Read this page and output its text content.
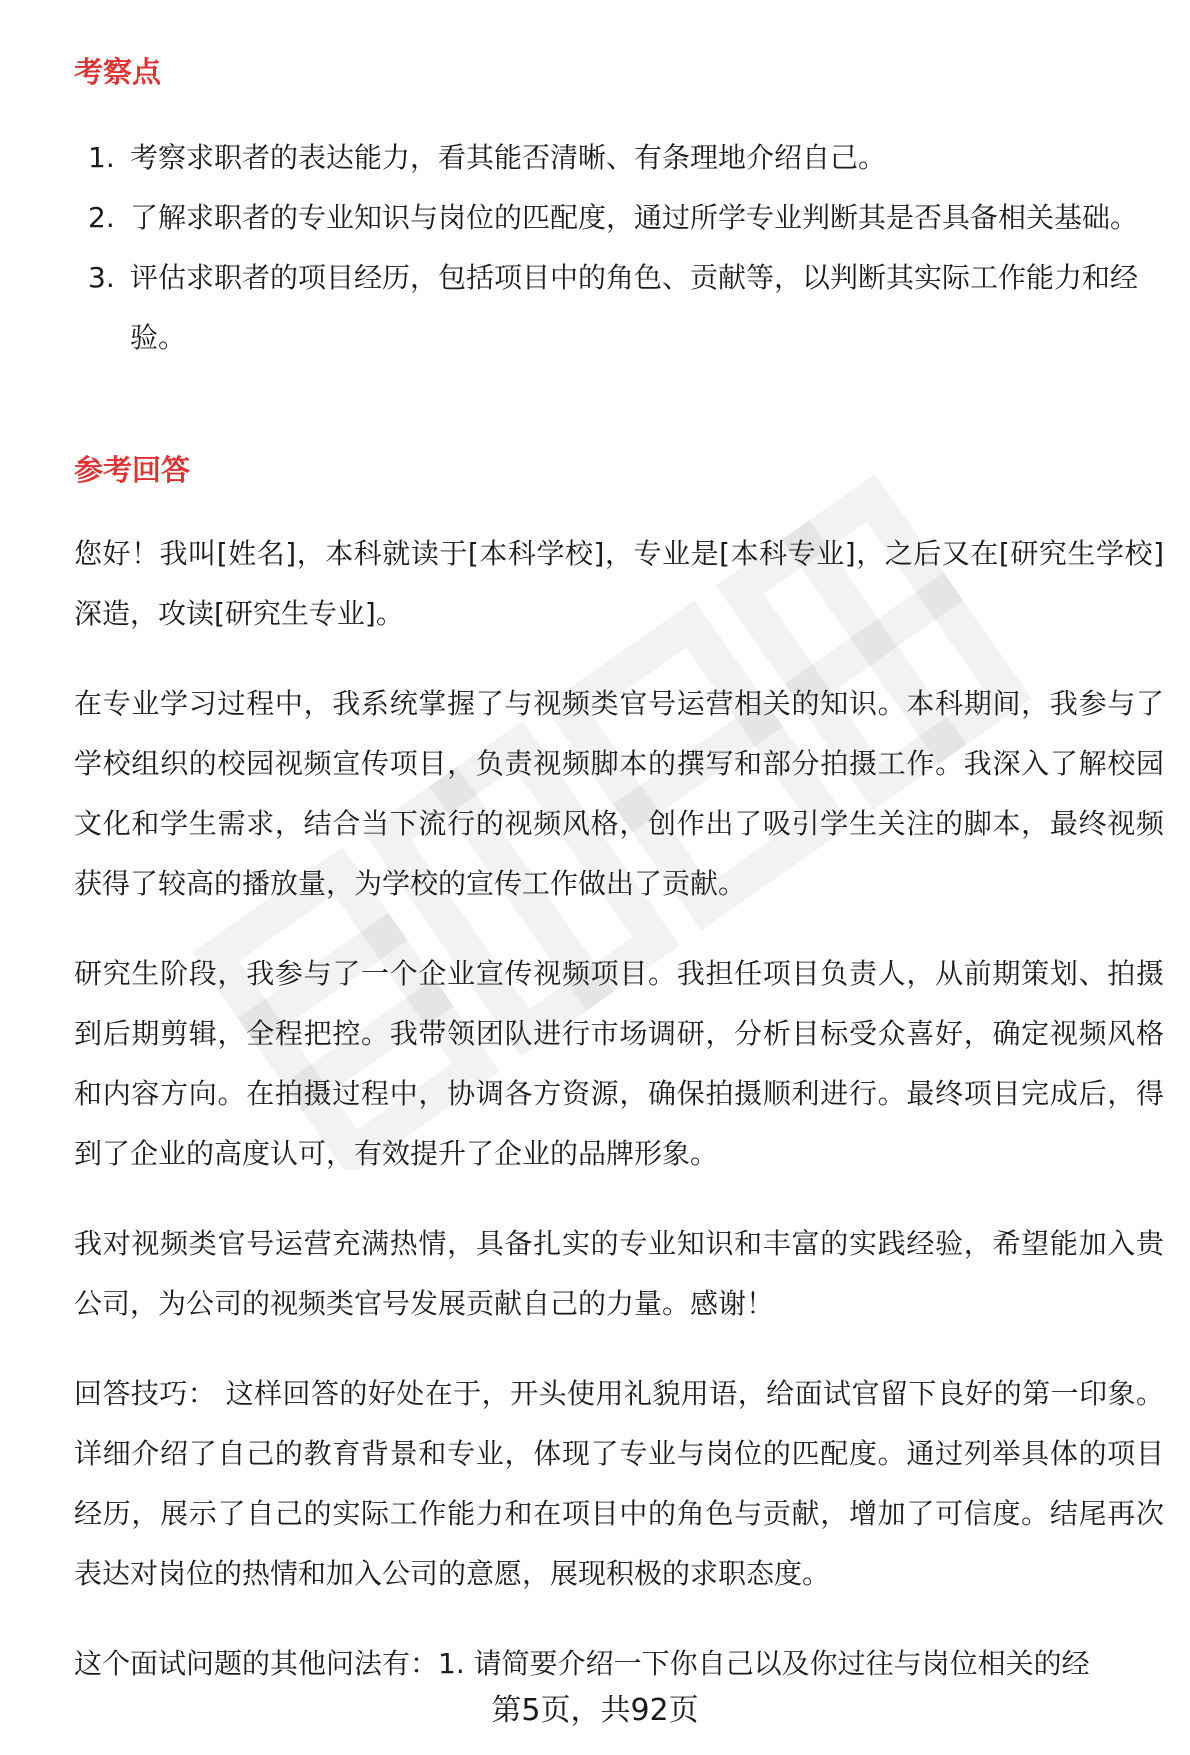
考察点
1. 考察求职者的表达能力，看其能否清晰、有条理地介绍自己。
2. 了解求职者的专业知识与岗位的匹配度，通过所学专业判断其是否具备相关基础。
3. 评估求职者的项目经历，包括项目中的角色、贡献等，以判断其实际工作能力和经验。
参考回答

您好！我叫[姓名]，本科就读于[本科学校]，专业是[本科专业]，之后又在[研究生学校]深造，攻读[研究生专业]。

在专业学习过程中，我系统掌握了与视频类官号运营相关的知识。本科期间，我参与了学校组织的校园视频宣传项目，负责视频脚本的撰写和部分拍摄工作。我深入了解校园文化和学生需求，结合当下流行的视频风格，创作出了吸引学生关注的脚本，最终视频获得了较高的播放量，为学校的宣传工作做出了贡献。

研究生阶段，我参与了一个企业宣传视频项目。我担任项目负责人，从前期策划、拍摄到后期剪辑，全程把控。我带领团队进行市场调研，分析目标受众喜好，确定视频风格和内容方向。在拍摄过程中，协调各方资源，确保拍摄顺利进行。最终项目完成后，得到了企业的高度认可，有效提升了企业的品牌形象。

我对视频类官号运营充满热情，具备扎实的专业知识和丰富的实践经验，希望能加入贵公司，为公司的视频类官号发展贡献自己的力量。感谢！

回答技巧： 这样回答的好处在于，开头使用礼貌用语，给面试官留下良好的第一印象。详细介绍了自己的教育背景和专业，体现了专业与岗位的匹配度。通过列举具体的项目经历，展示了自己的实际工作能力和在项目中的角色与贡献，增加了可信度。结尾再次表达对岗位的热情和加入公司的意愿，展现积极的求职态度。

这个面试问题的其他问法有：1. 请简要介绍一下你自己以及你过往与岗位相关的经

第5页，共92页
